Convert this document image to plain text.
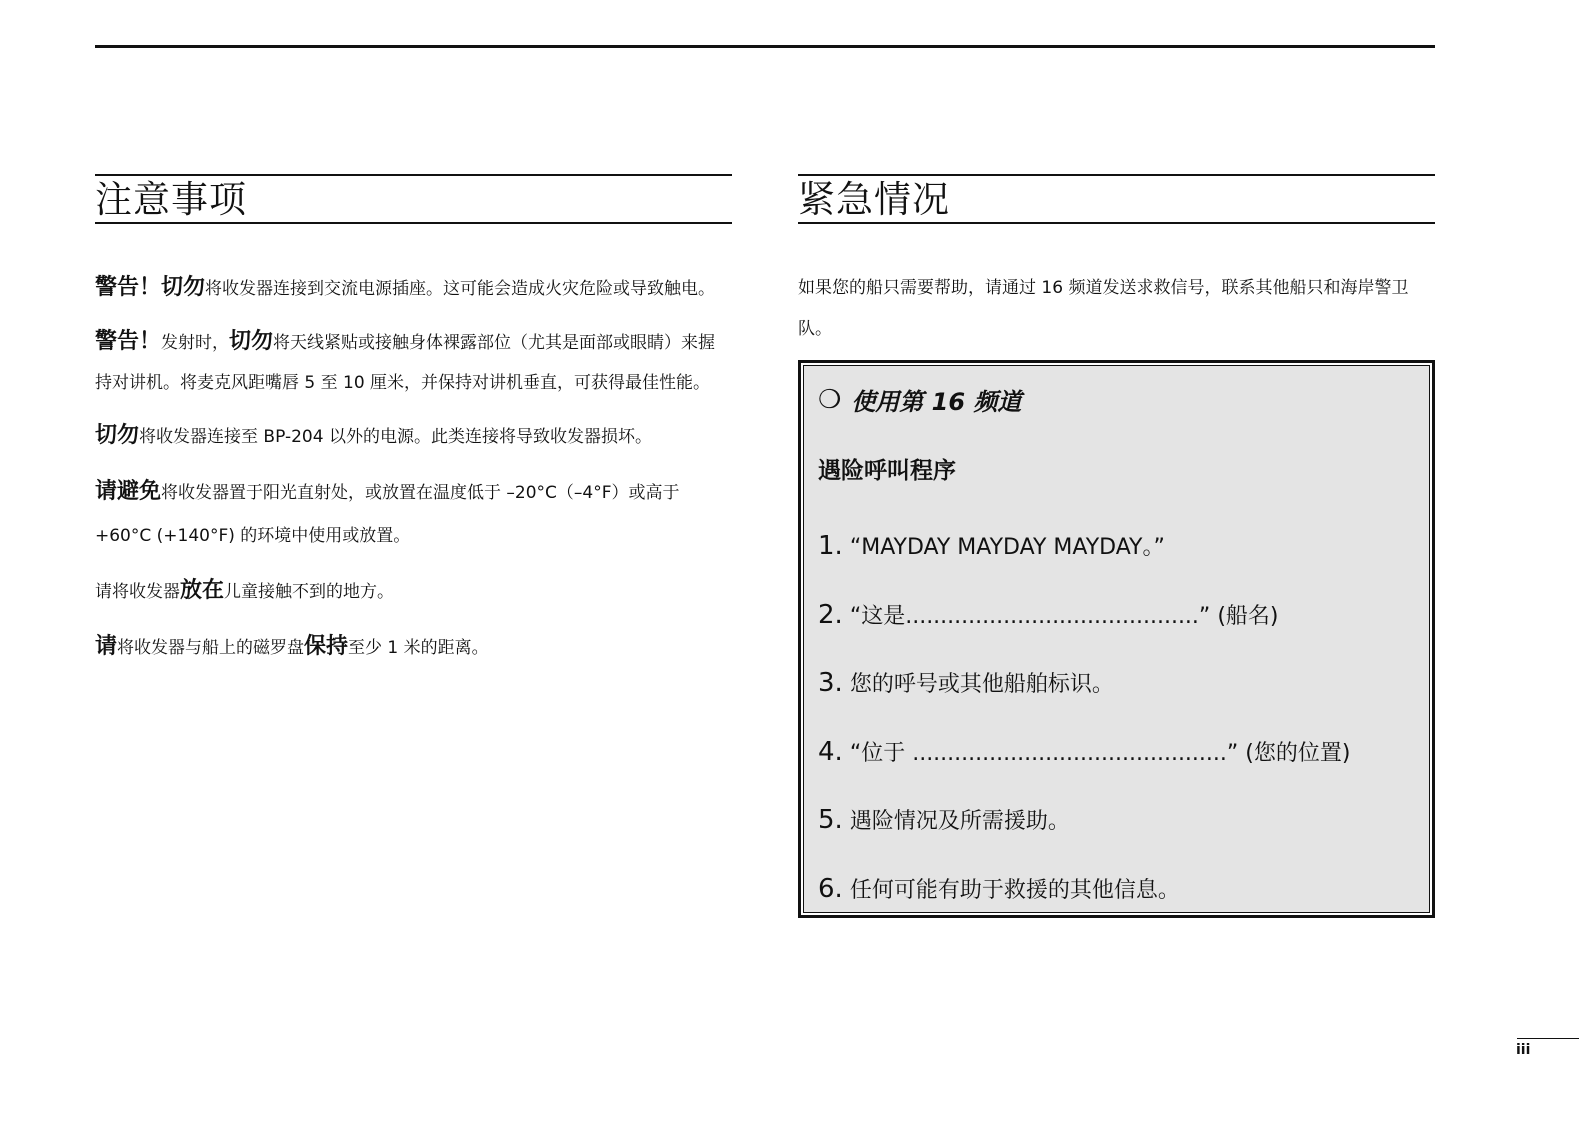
注意事项

警告！切勿将收发器连接到交流电源插座。这可能会造成火灾危险或导致触电。

警告！发射时，切勿将天线紧贴或接触身体裸露部位（尤其是面部或眼睛）来握持对讲机。将麦克风距嘴唇 5 至 10 厘米，并保持对讲机垂直，可获得最佳性能。

切勿将收发器连接至 BP-204 以外的电源。此类连接将导致收发器损坏。

请避免将收发器置于阳光直射处，或放置在温度低于 –20°C（–4°F）或高于 +60°C (+140°F) 的环境中使用或放置。

请将收发器放在儿童接触不到的地方。

请将收发器与船上的磁罗盘保持至少 1 米的距离。

紧急情况

如果您的船只需要帮助，请通过 16 频道发送求救信号，联系其他船只和海岸警卫队。

❍ 使用第 16 频道
遇险呼叫程序
1. “MAYDAY MAYDAY MAYDAY。”
2. “这是..........................................” (船名)
3. 您的呼号或其他船舶标识。
4. “位于 .............................................” (您的位置)
5. 遇险情况及所需援助。
6. 任何可能有助于救援的其他信息。
iii
